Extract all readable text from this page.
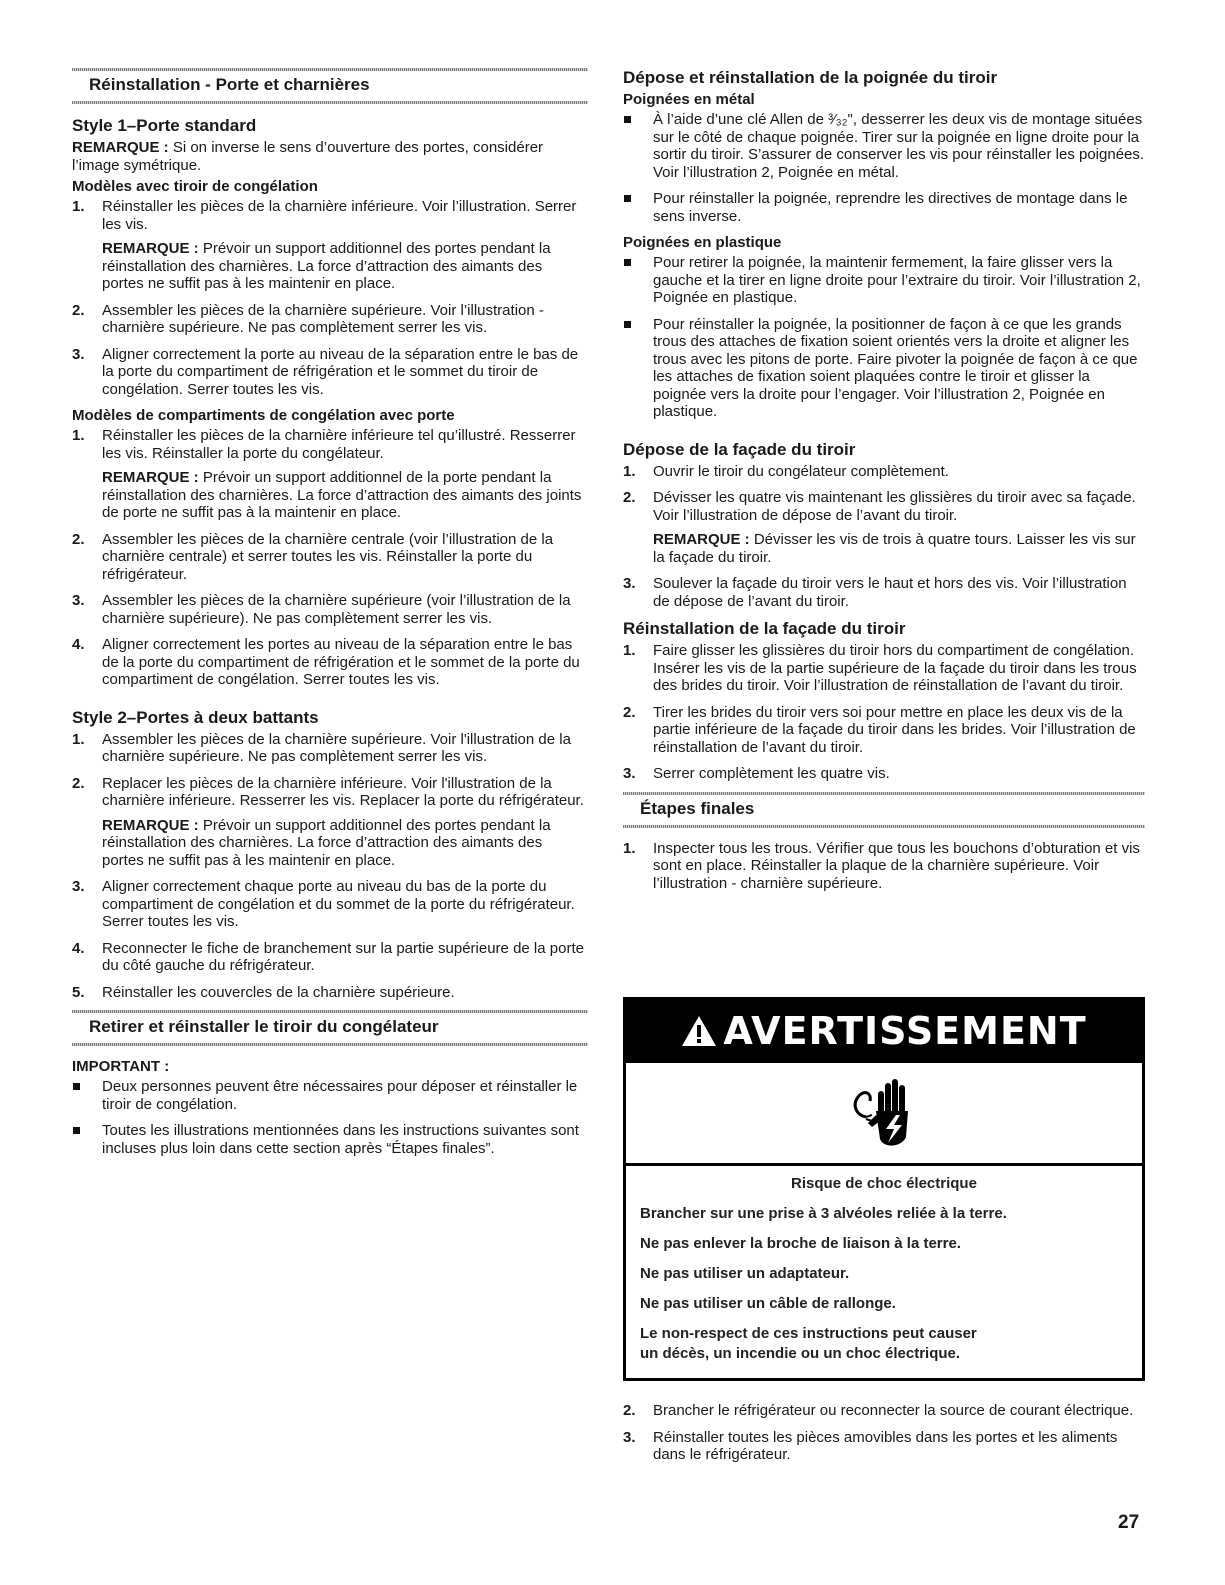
Réinstallation - Porte et charnières
Style 1–Porte standard

REMARQUE : Si on inverse le sens d’ouverture des portes, considérer l’image symétrique.

Modèles avec tiroir de congélation
1. Réinstaller les pièces de la charnière inférieure. Voir l’illustration. Serrer les vis.
REMARQUE : Prévoir un support additionnel des portes pendant la réinstallation des charnières. La force d’attraction des aimants des portes ne suffit pas à les maintenir en place.
2. Assembler les pièces de la charnière supérieure. Voir l’illustration - charnière supérieure. Ne pas complètement serrer les vis.
3. Aligner correctement la porte au niveau de la séparation entre le bas de la porte du compartiment de réfrigération et le sommet du tiroir de congélation. Serrer toutes les vis.
Modèles de compartiments de congélation avec porte
1. Réinstaller les pièces de la charnière inférieure tel qu’illustré. Resserrer les vis. Réinstaller la porte du congélateur.
REMARQUE : Prévoir un support additionnel de la porte pendant la réinstallation des charnières. La force d’attraction des aimants des joints de porte ne suffit pas à la maintenir en place.
2. Assembler les pièces de la charnière centrale (voir l’illustration de la charnière centrale) et serrer toutes les vis. Réinstaller la porte du réfrigérateur.
3. Assembler les pièces de la charnière supérieure (voir l’illustration de la charnière supérieure). Ne pas complètement serrer les vis.
4. Aligner correctement les portes au niveau de la séparation entre le bas de la porte du compartiment de réfrigération et le sommet de la porte du compartiment de congélation. Serrer toutes les vis.
Style 2–Portes à deux battants
1. Assembler les pièces de la charnière supérieure. Voir l'illustration de la charnière supérieure. Ne pas complètement serrer les vis.
2. Replacer les pièces de la charnière inférieure. Voir l'illustration de la charnière inférieure. Resserrer les vis. Replacer la porte du réfrigérateur.
REMARQUE : Prévoir un support additionnel des portes pendant la réinstallation des charnières. La force d’attraction des aimants des portes ne suffit pas à les maintenir en place.
3. Aligner correctement chaque porte au niveau du bas de la porte du compartiment de congélation et du sommet de la porte du réfrigérateur. Serrer toutes les vis.
4. Reconnecter le fiche de branchement sur la partie supérieure de la porte du côté gauche du réfrigérateur.
5. Réinstaller les couvercles de la charnière supérieure.
Retirer et réinstaller le tiroir du congélateur
IMPORTANT :
Deux personnes peuvent être nécessaires pour déposer et réinstaller le tiroir de congélation.
Toutes les illustrations mentionnées dans les instructions suivantes sont incluses plus loin dans cette section après “Étapes finales”.
Dépose et réinstallation de la poignée du tiroir
Poignées en métal
À l’aide d’une clé Allen de ³⁄₃₂", desserrer les deux vis de montage situées sur le côté de chaque poignée. Tirer sur la poignée en ligne droite pour la sortir du tiroir. S’assurer de conserver les vis pour réinstaller les poignées. Voir l’illustration 2, Poignée en métal.
Pour réinstaller la poignée, reprendre les directives de montage dans le sens inverse.
Poignées en plastique
Pour retirer la poignée, la maintenir fermement, la faire glisser vers la gauche et la tirer en ligne droite pour l’extraire du tiroir. Voir l’illustration 2, Poignée en plastique.
Pour réinstaller la poignée, la positionner de façon à ce que les grands trous des attaches de fixation soient orientés vers la droite et aligner les trous avec les pitons de porte. Faire pivoter la poignée de façon à ce que les attaches de fixation soient plaquées contre le tiroir et glisser la poignée vers la droite pour l’engager. Voir l’illustration 2, Poignée en plastique.
Dépose de la façade du tiroir
1. Ouvrir le tiroir du congélateur complètement.
2. Dévisser les quatre vis maintenant les glissières du tiroir avec sa façade. Voir l’illustration de dépose de l’avant du tiroir.
REMARQUE : Dévisser les vis de trois à quatre tours. Laisser les vis sur la façade du tiroir.
3. Soulever la façade du tiroir vers le haut et hors des vis. Voir l’illustration de dépose de l’avant du tiroir.
Réinstallation de la façade du tiroir
1. Faire glisser les glissières du tiroir hors du compartiment de congélation. Insérer les vis de la partie supérieure de la façade du tiroir dans les trous des brides du tiroir. Voir l’illustration de réinstallation de l’avant du tiroir.
2. Tirer les brides du tiroir vers soi pour mettre en place les deux vis de la partie inférieure de la façade du tiroir dans les brides. Voir l’illustration de réinstallation de l’avant du tiroir.
3. Serrer complètement les quatre vis.
Étapes finales
1. Inspecter tous les trous. Vérifier que tous les bouchons d’obturation et vis sont en place. Réinstaller la plaque de la charnière supérieure. Voir l’illustration - charnière supérieure.
AVERTISSEMENT

Risque de choc électrique

Brancher sur une prise à 3 alvéoles reliée à la terre.

Ne pas enlever la broche de liaison à la terre.

Ne pas utiliser un adaptateur.

Ne pas utiliser un câble de rallonge.

Le non-respect de ces instructions peut causer

un décès, un incendie ou un choc électrique.

2. Brancher le réfrigérateur ou reconnecter la source de courant électrique.
3. Réinstaller toutes les pièces amovibles dans les portes et les aliments dans le réfrigérateur.
27
